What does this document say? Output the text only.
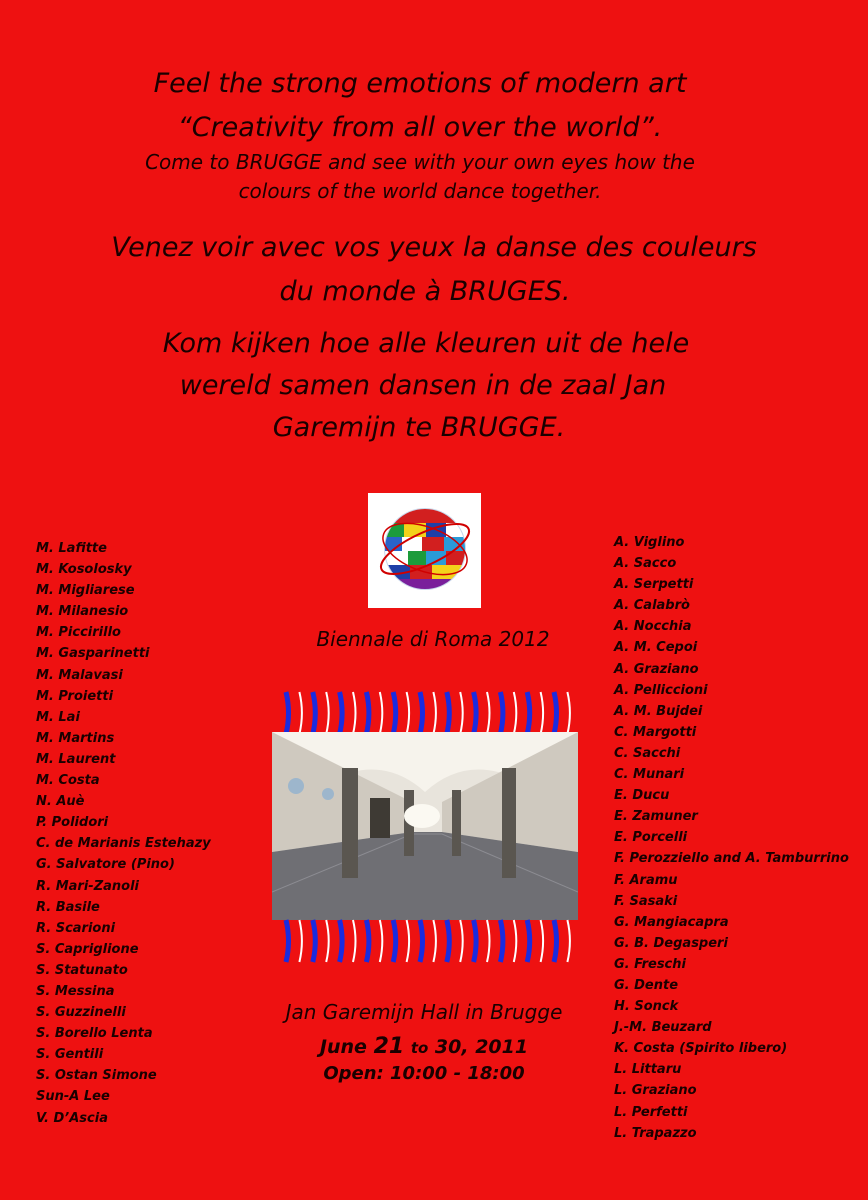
Feel the strong emotions of modern art
“Creativity from all over the world”.
Come to BRUGGE and see with your own eyes how the
colours of the world dance together.
Venez voir avec vos yeux la danse des couleurs
du monde à BRUGES.
Kom kijken hoe alle kleuren uit de hele
wereld samen dansen in de zaal Jan
Garemijn te BRUGGE.
M. Lafitte
M. Kosolosky
M. Migliarese
M. Milanesio
M. Piccirillo
M. Gasparinetti
M. Malavasi
M. Proietti
M. Lai
M. Martins
M. Laurent
M. Costa
N. Auè
P. Polidori
C. de Marianis Estehazy
G. Salvatore (Pino)
R. Mari-Zanoli
R. Basile
R. Scarioni
S. Capriglione
S. Statunato
S. Messina
S. Guzzinelli
S. Borello Lenta
S. Gentili
S. Ostan Simone
Sun-A Lee
V. D’Ascia
A. Viglino
A. Sacco
A. Serpetti
A. Calabrò
A. Nocchia
A. M. Cepoi
A. Graziano
A. Pelliccioni
A. M. Bujdei
C. Margotti
C. Sacchi
C. Munari
E. Ducu
E. Zamuner
E. Porcelli
F. Perozziello and A. Tamburrino
F. Aramu
F. Sasaki
G. Mangiacapra
G. B. Degasperi
G. Freschi
G. Dente
H. Sonck
J.-M. Beuzard
K. Costa (Spirito libero)
L. Littaru
L. Graziano
L. Perfetti
L. Trapazzo
Biennale di Roma 2012
Jan Garemijn Hall in Brugge
June 21 to 30, 2011
Open: 10:00 - 18:00
